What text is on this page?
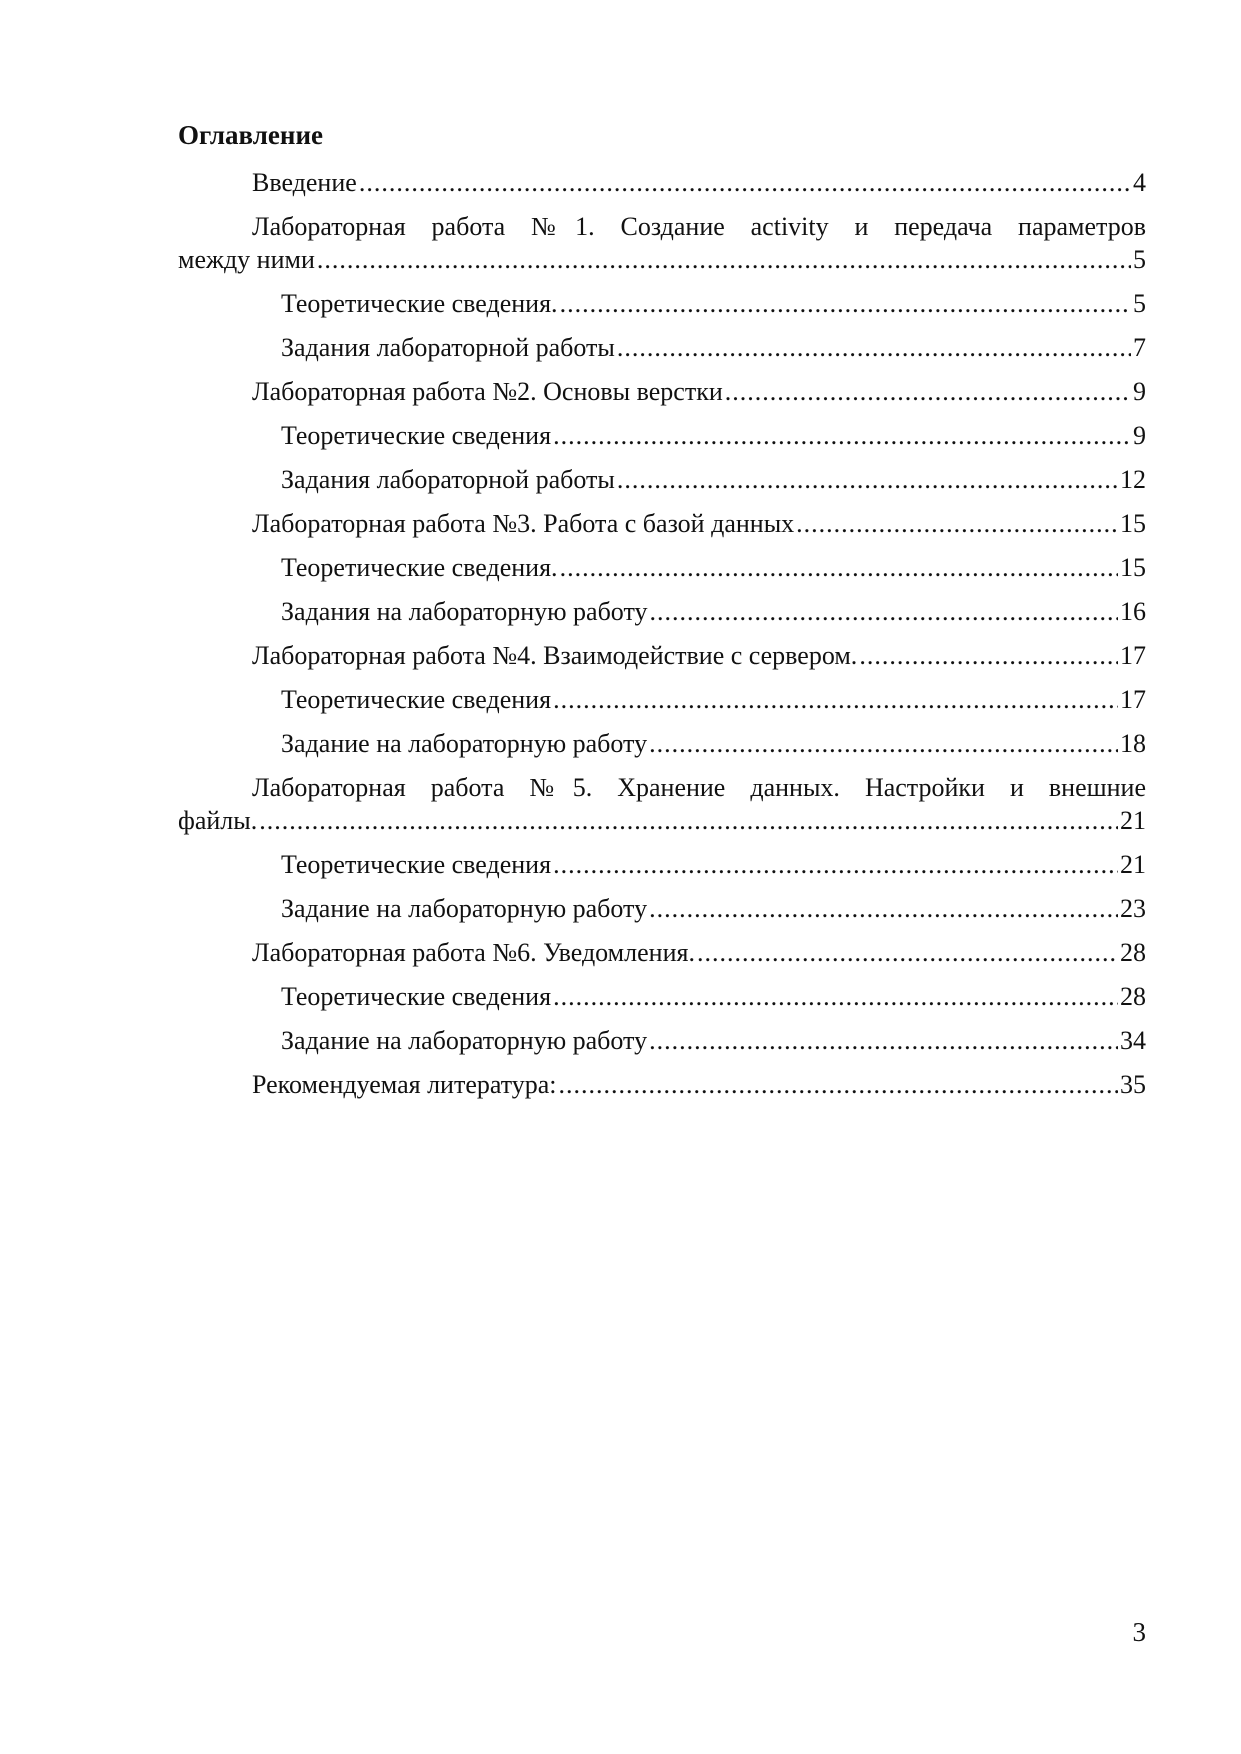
Оглавление
Введение .....	4
Лабораторная работа №1. Создание activity и передача параметров
между ними .....	5
Теоретические сведения. .....	5
Задания лабораторной работы .....	7
Лабораторная работа №2. Основы верстки .....	9
Теоретические сведения .....	9
Задания лабораторной работы .....	12
Лабораторная работа №3. Работа с базой данных .....	15
Теоретические сведения. .....	15
Задания на лабораторную работу .....	16
Лабораторная работа №4. Взаимодействие с сервером. .....	17
Теоретические сведения .....	17
Задание на лабораторную работу .....	18
Лабораторная работа №5. Хранение данных. Настройки и внешние
файлы. .....	21
Теоретические сведения .....	21
Задание на лабораторную работу .....	23
Лабораторная работа №6. Уведомления. .....	28
Теоретические сведения .....	28
Задание на лабораторную работу .....	34
Рекомендуемая литература: .....	35

3
